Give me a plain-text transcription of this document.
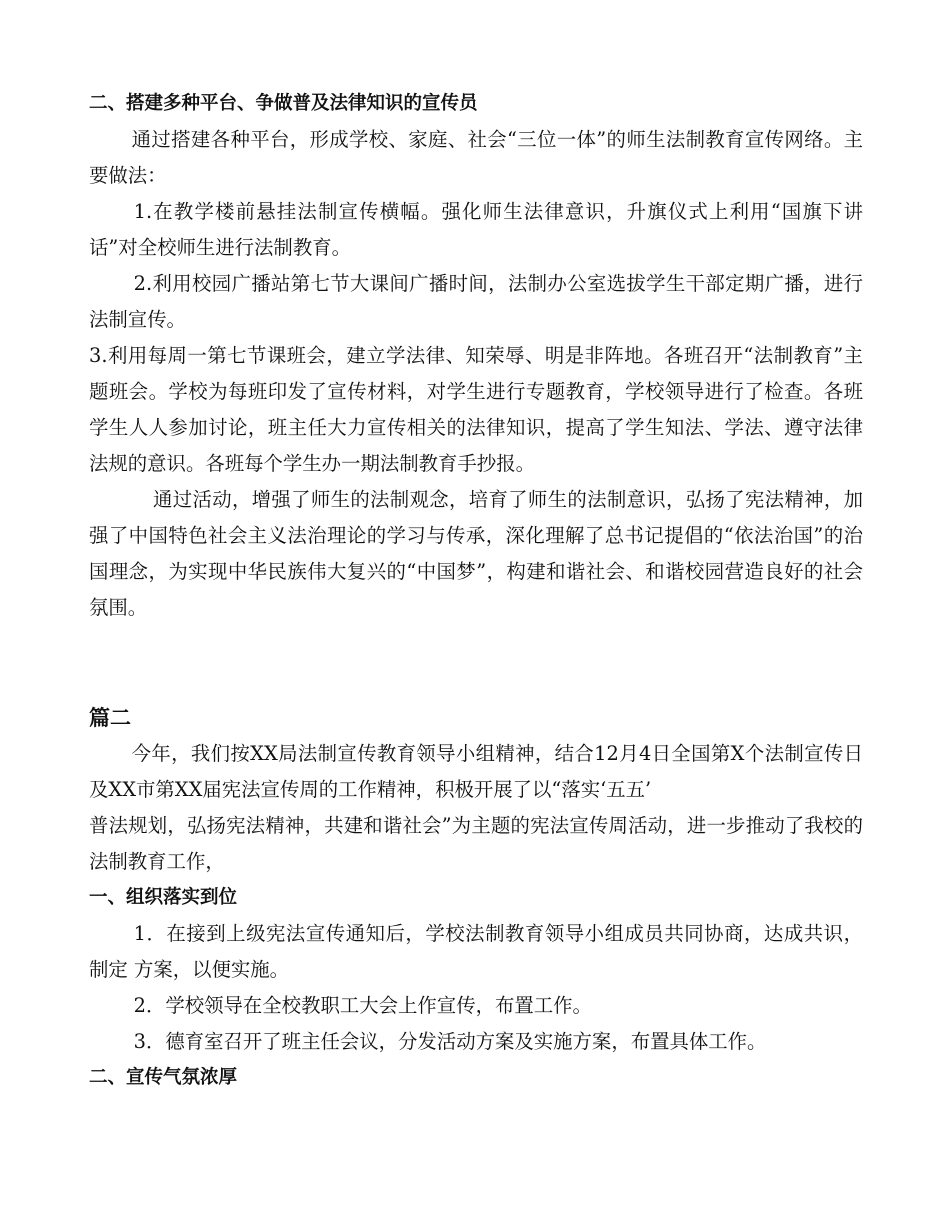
二、搭建多种平台、争做普及法律知识的宣传员

通过搭建各种平台，形成学校、家庭、社会“三位一体”的师生法制教育宣传网络。主要做法：

1.在教学楼前悬挂法制宣传横幅。强化师生法律意识，升旗仪式上利用“国旗下讲话”对全校师生进行法制教育。

2.利用校园广播站第七节大课间广播时间，法制办公室选拔学生干部定期广播，进行法制宣传。

3.利用每周一第七节课班会，建立学法律、知荣辱、明是非阵地。各班召开“法制教育”主题班会。学校为每班印发了宣传材料，对学生进行专题教育，学校领导进行了检查。各班学生人人参加讨论，班主任大力宣传相关的法律知识，提高了学生知法、学法、遵守法律法规的意识。各班每个学生办一期法制教育手抄报。

通过活动，增强了师生的法制观念，培育了师生的法制意识，弘扬了宪法精神，加强了中国特色社会主义法治理论的学习与传承，深化理解了总书记提倡的“依法治国”的治国理念，为实现中华民族伟大复兴的“中国梦”，构建和谐社会、和谐校园营造良好的社会氛围。

篇二

今年，我们按XX局法制宣传教育领导小组精神，结合12月4日全国第X个法制宣传日及XX市第XX届宪法宣传周的工作精神，积极开展了以“落实‘五五’

普法规划，弘扬宪法精神，共建和谐社会”为主题的宪法宣传周活动，进一步推动了我校的法制教育工作，

一、组织落实到位

1．在接到上级宪法宣传通知后，学校法制教育领导小组成员共同协商，达成共识，制定 方案，以便实施。

2．学校领导在全校教职工大会上作宣传，布置工作。

3．德育室召开了班主任会议，分发活动方案及实施方案，布置具体工作。

二、宣传气氛浓厚
